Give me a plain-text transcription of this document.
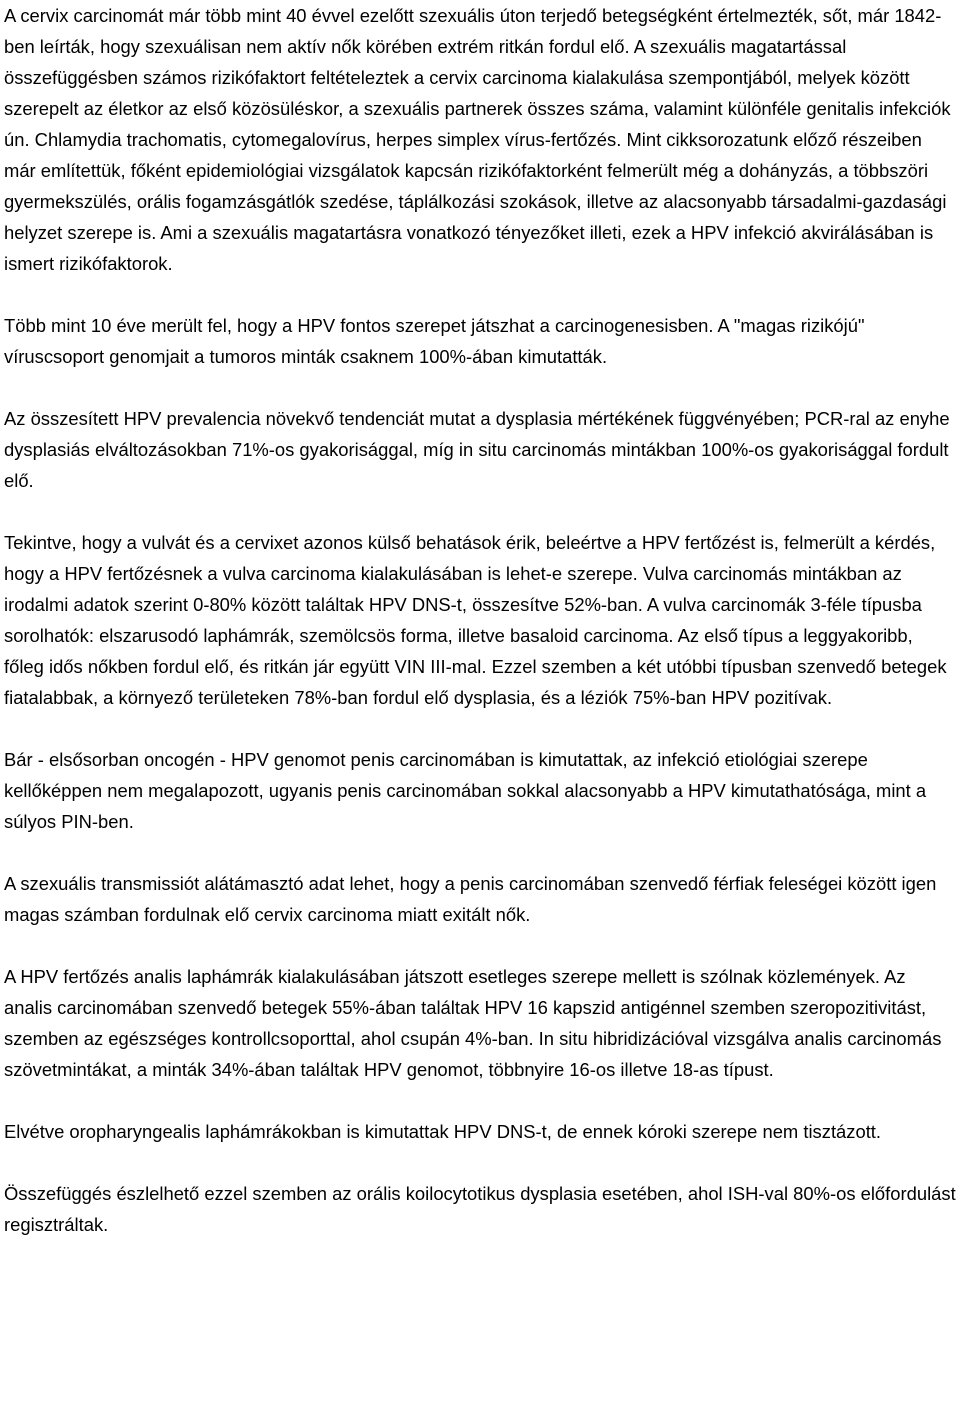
A cervix carcinomát már több mint 40 évvel ezelőtt szexuális úton terjedő betegségként értelmezték, sőt, már 1842-ben leírták, hogy szexuálisan nem aktív nők körében extrém ritkán fordul elő. A szexuális magatartással összefüggésben számos rizikófaktort feltételeztek a cervix carcinoma kialakulása szempontjából, melyek között szerepelt az életkor az első közösüléskor, a szexuális partnerek összes száma, valamint különféle genitalis infekciók ún. Chlamydia trachomatis, cytomegalovírus, herpes simplex vírus-fertőzés. Mint cikksorozatunk előző részeiben már említettük, főként epidemiológiai vizsgálatok kapcsán rizikófaktorként felmerült még a dohányzás, a többszöri gyermekszülés, orális fogamzásgátlók szedése, táplálkozási szokások, illetve az alacsonyabb társadalmi-gazdasági helyzet szerepe is. Ami a szexuális magatartásra vonatkozó tényezőket illeti, ezek a HPV infekció akvirálásában is ismert rizikófaktorok.

Több mint 10 éve merült fel, hogy a HPV fontos szerepet játszhat a carcinogenesisben. A "magas rizikójú" víruscsoport genomjait a tumoros minták csaknem 100%-ában kimutatták.

Az összesített HPV prevalencia növekvő tendenciát mutat a dysplasia mértékének függvényében; PCR-ral az enyhe dysplasiás elváltozásokban 71%-os gyakorisággal, míg in situ carcinomás mintákban 100%-os gyakorisággal fordult elő.

Tekintve, hogy a vulvát és a cervixet azonos külső behatások érik, beleértve a HPV fertőzést is, felmerült a kérdés, hogy a HPV fertőzésnek a vulva carcinoma kialakulásában is lehet-e szerepe. Vulva carcinomás mintákban az irodalmi adatok szerint 0-80% között találtak HPV DNS-t, összesítve 52%-ban. A vulva carcinomák 3-féle típusba sorolhatók: elszarusodó laphámrák, szemölcsös forma, illetve basaloid carcinoma. Az első típus a leggyakoribb, főleg idős nőkben fordul elő, és ritkán jár együtt VIN III-mal. Ezzel szemben a két utóbbi típusban szenvedő betegek fiatalabbak, a környező területeken 78%-ban fordul elő dysplasia, és a léziók 75%-ban HPV pozitívak.

Bár - elsősorban oncogén - HPV genomot penis carcinomában is kimutattak, az infekció etiológiai szerepe kellőképpen nem megalapozott, ugyanis penis carcinomában sokkal alacsonyabb a HPV kimutathatósága, mint a súlyos PIN-ben.

A szexuális transmissiót alátámasztó adat lehet, hogy a penis carcinomában szenvedő férfiak feleségei között igen magas számban fordulnak elő cervix carcinoma miatt exitált nők.

A HPV fertőzés analis laphámrák kialakulásában játszott esetleges szerepe mellett is szólnak közlemények. Az analis carcinomában szenvedő betegek 55%-ában találtak HPV 16 kapszid antigénnel szemben szeropozitivitást, szemben az egészséges kontrollcsoporttal, ahol csupán 4%-ban. In situ hibridizációval vizsgálva analis carcinomás szövetmintákat, a minták 34%-ában találtak HPV genomot, többnyire 16-os illetve 18-as típust.

Elvétve oropharyngealis laphámrákokban is kimutattak HPV DNS-t, de ennek kóroki szerepe nem tisztázott.

Összefüggés észlelhető ezzel szemben az orális koilocytotikus dysplasia esetében, ahol ISH-val 80%-os előfordulást regisztráltak.
